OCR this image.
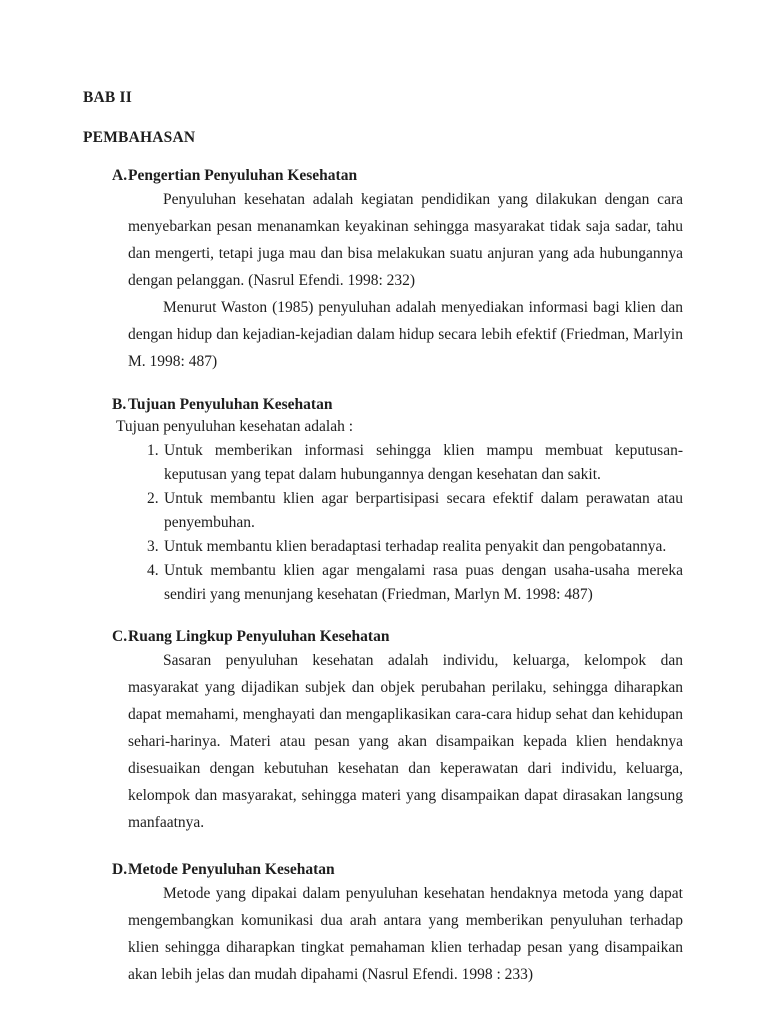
BAB II
PEMBAHASAN
A. Pengertian Penyuluhan Kesehatan

Penyuluhan kesehatan adalah kegiatan pendidikan yang dilakukan dengan cara menyebarkan pesan menanamkan keyakinan sehingga masyarakat tidak saja sadar, tahu dan mengerti, tetapi juga mau dan bisa melakukan suatu anjuran yang ada hubungannya dengan pelanggan. (Nasrul Efendi. 1998: 232)

Menurut Waston (1985) penyuluhan adalah menyediakan informasi bagi klien dan dengan hidup dan kejadian-kejadian dalam hidup secara lebih efektif (Friedman, Marlyin M. 1998: 487)

B. Tujuan Penyuluhan Kesehatan

Tujuan penyuluhan kesehatan adalah :

1. Untuk memberikan informasi sehingga klien mampu membuat keputusan-keputusan yang tepat dalam hubungannya dengan kesehatan dan sakit.
2. Untuk membantu klien agar berpartisipasi secara efektif dalam perawatan atau penyembuhan.
3. Untuk membantu klien beradaptasi terhadap realita penyakit dan pengobatannya.
4. Untuk membantu klien agar mengalami rasa puas dengan usaha-usaha mereka sendiri yang menunjang kesehatan (Friedman, Marlyn M. 1998: 487)
C. Ruang Lingkup Penyuluhan Kesehatan

Sasaran penyuluhan kesehatan adalah individu, keluarga, kelompok dan masyarakat yang dijadikan subjek dan objek perubahan perilaku, sehingga diharapkan dapat memahami, menghayati dan mengaplikasikan cara-cara hidup sehat dan kehidupan sehari-harinya. Materi atau pesan yang akan disampaikan kepada klien hendaknya disesuaikan dengan kebutuhan kesehatan dan keperawatan dari individu, keluarga, kelompok dan masyarakat, sehingga materi yang disampaikan dapat dirasakan langsung manfaatnya.

D. Metode Penyuluhan Kesehatan

Metode yang dipakai dalam penyuluhan kesehatan hendaknya metoda yang dapat mengembangkan komunikasi dua arah antara yang memberikan penyuluhan terhadap klien sehingga diharapkan tingkat pemahaman klien terhadap pesan yang disampaikan akan lebih jelas dan mudah dipahami (Nasrul Efendi. 1998 : 233)
